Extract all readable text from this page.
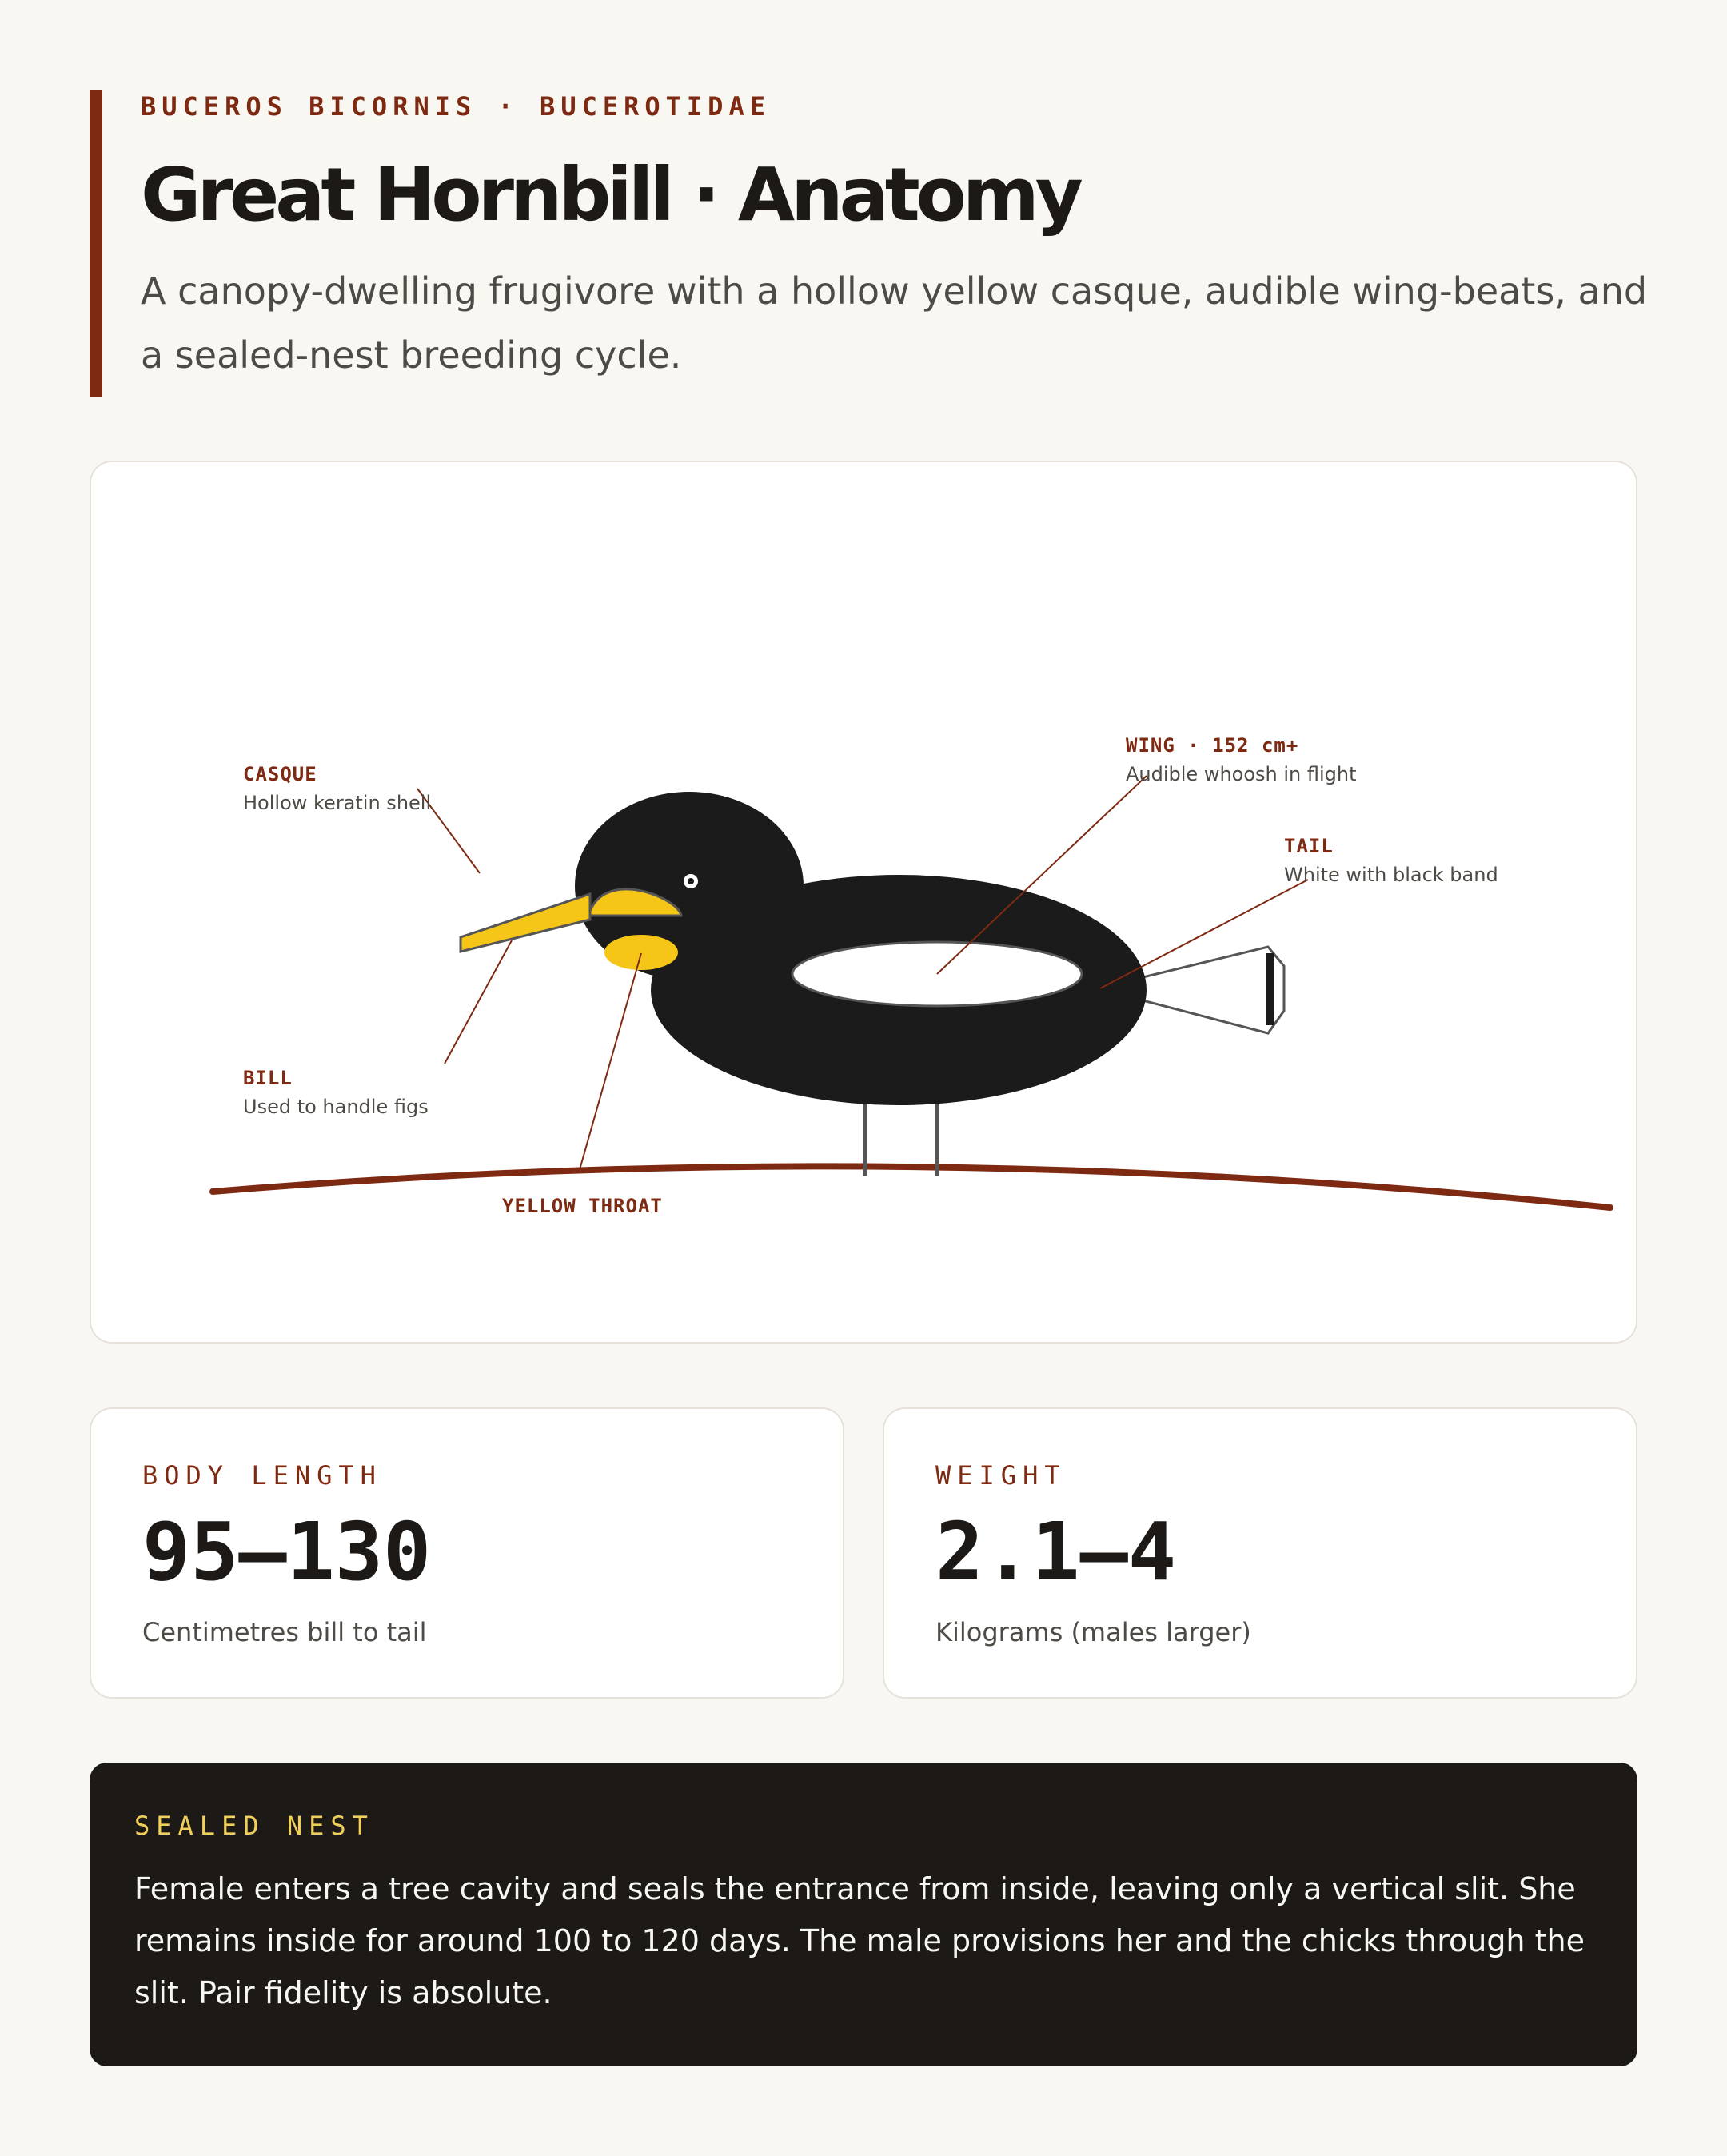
BUCEROS BICORNIS · BUCEROTIDAE
Great Hornbill · Anatomy

A canopy-dwelling frugivore with a hollow yellow casque, audible wing-beats, and a sealed-nest breeding cycle.

CASQUE
Hollow keratin shell
BILL
Used to handle figs
YELLOW THROAT
WING · 152 cm+
Audible whoosh in flight
TAIL
White with black band
BODY LENGTH
95–130
Centimetres bill to tail
WEIGHT
2.1–4
Kilograms (males larger)
SEALED NEST

Female enters a tree cavity and seals the entrance from inside, leaving only a vertical slit. She remains inside for around 100 to 120 days. The male provisions her and the chicks through the slit. Pair fidelity is absolute.
